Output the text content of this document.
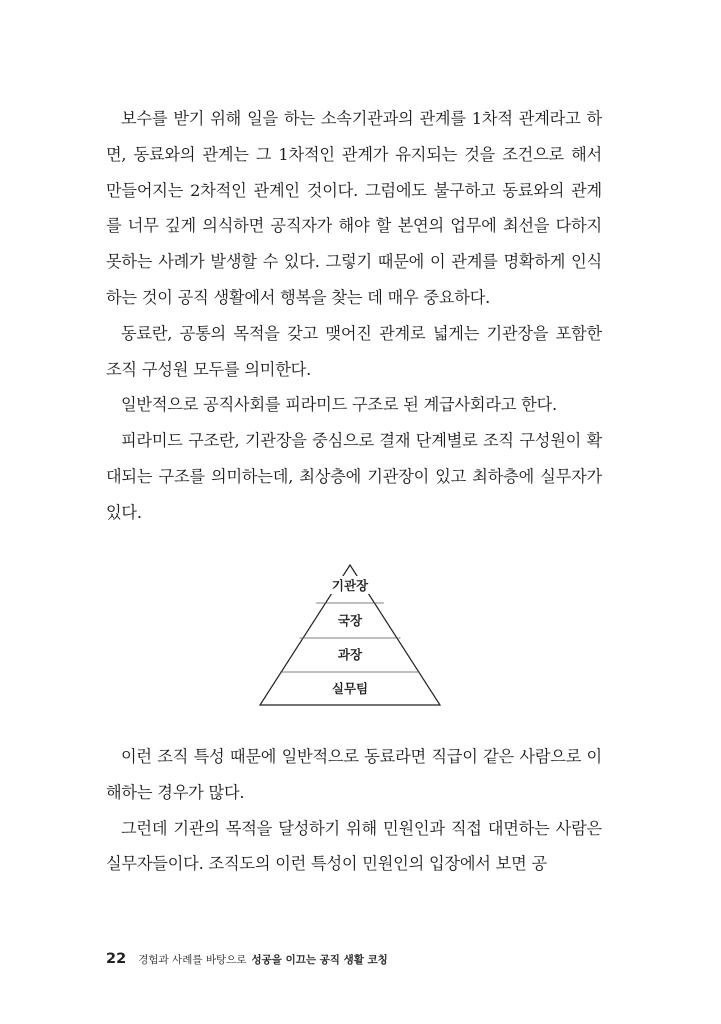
보수를 받기 위해 일을 하는 소속기관과의 관계를 1차적 관계라고 하면, 동료와의 관계는 그 1차적인 관계가 유지되는 것을 조건으로 해서 만들어지는 2차적인 관계인 것이다. 그럼에도 불구하고 동료와의 관계를 너무 깊게 의식하면 공직자가 해야 할 본연의 업무에 최선을 다하지 못하는 사례가 발생할 수 있다. 그렇기 때문에 이 관계를 명확하게 인식하는 것이 공직 생활에서 행복을 찾는 데 매우 중요하다.

동료란, 공통의 목적을 갖고 맺어진 관계로 넓게는 기관장을 포함한 조직 구성원 모두를 의미한다.

일반적으로 공직사회를 피라미드 구조로 된 계급사회라고 한다.

피라미드 구조란, 기관장을 중심으로 결재 단계별로 조직 구성원이 확대되는 구조를 의미하는데, 최상층에 기관장이 있고 최하층에 실무자가 있다.

기관장
국장
과장
실무팀

이런 조직 특성 때문에 일반적으로 동료라면 직급이 같은 사람으로 이해하는 경우가 많다.

그런데 기관의 목적을 달성하기 위해 민원인과 직접 대면하는 사람은 실무자들이다. 조직도의 이런 특성이 민원인의 입장에서 보면 공

22 경험과 사례를 바탕으로 성공을 이끄는 공직 생활 코칭
